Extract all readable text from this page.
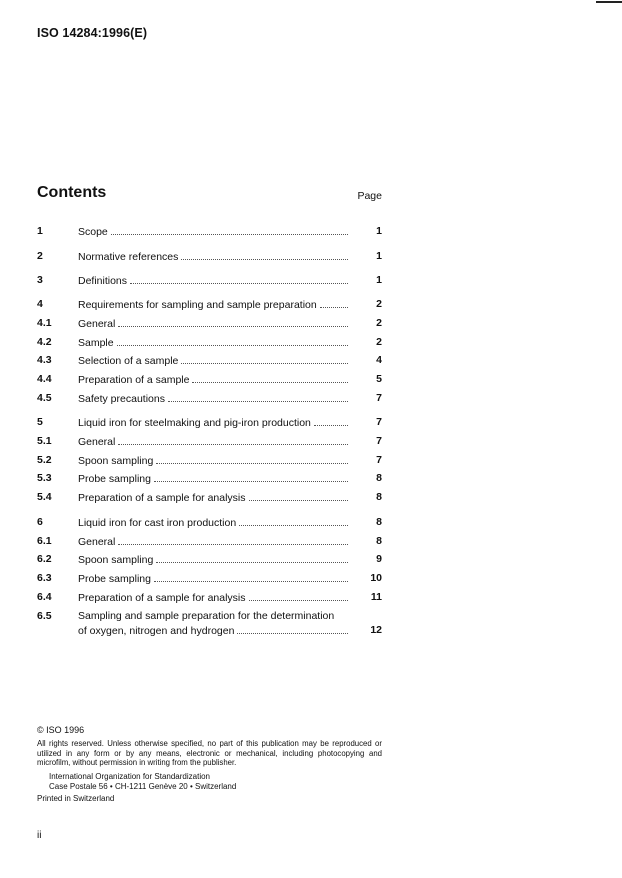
ISO 14284:1996(E)
Contents	Page
1	Scope	1
2	Normative references	1
3	Definitions	1
4	Requirements for sampling and sample preparation	2
4.1	General	2
4.2	Sample	2
4.3	Selection of a sample	4
4.4	Preparation of a sample	5
4.5	Safety precautions	7
5	Liquid iron for steelmaking and pig-iron production	7
5.1	General	7
5.2	Spoon sampling	7
5.3	Probe sampling	8
5.4	Preparation of a sample for analysis	8
6	Liquid iron for cast iron production	8
6.1	General	8
6.2	Spoon sampling	9
6.3	Probe sampling	10
6.4	Preparation of a sample for analysis	11
6.5	Sampling and sample preparation for the determination
of oxygen, nitrogen and hydrogen	12
© ISO 1996
All rights reserved. Unless otherwise specified, no part of this publication may be reproduced or utilized in any form or by any means, electronic or mechanical, including photocopying and microfilm, without permission in writing from the publisher.
International Organization for Standardization
Case Postale 56 • CH-1211 Genève 20 • Switzerland
Printed in Switzerland
ii
